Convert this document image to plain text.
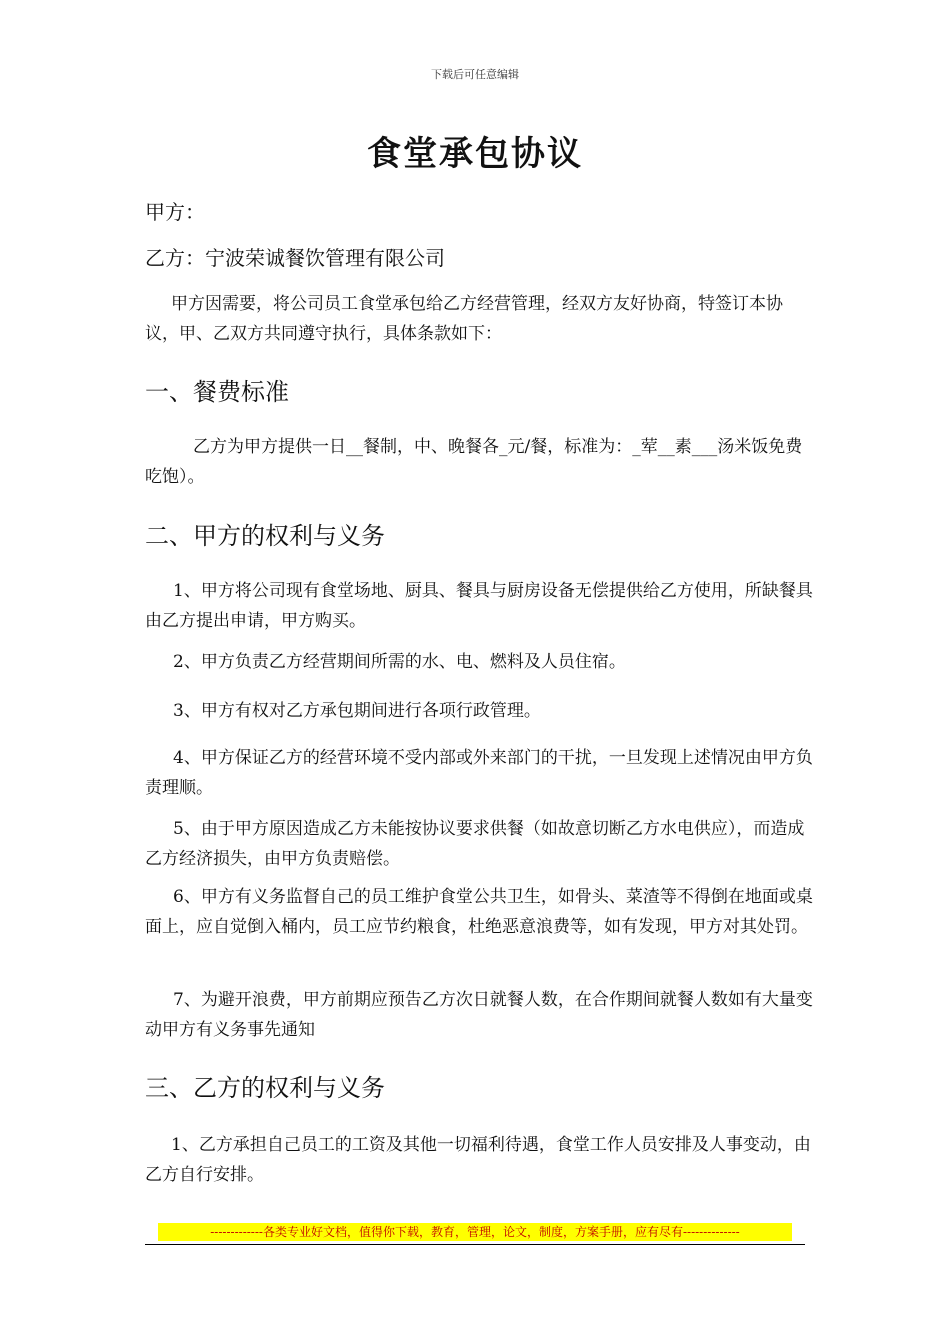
下载后可任意编辑
食堂承包协议
甲方：
乙方：宁波荣诚餐饮管理有限公司
甲方因需要，将公司员工食堂承包给乙方经营管理，经双方友好协商，特签订本协议，甲、乙双方共同遵守执行，具体条款如下：
一、餐费标准
乙方为甲方提供一日__餐制，中、晚餐各_元/餐，标准为：_荤__素___汤米饭免费吃饱）。
二、甲方的权利与义务
1、甲方将公司现有食堂场地、厨具、餐具与厨房设备无偿提供给乙方使用，所缺餐具由乙方提出申请，甲方购买。
2、甲方负责乙方经营期间所需的水、电、燃料及人员住宿。
3、甲方有权对乙方承包期间进行各项行政管理。
4、甲方保证乙方的经营环境不受内部或外来部门的干扰，一旦发现上述情况由甲方负责理顺。
5、由于甲方原因造成乙方未能按协议要求供餐（如故意切断乙方水电供应），而造成乙方经济损失，由甲方负责赔偿。
6、甲方有义务监督自己的员工维护食堂公共卫生，如骨头、菜渣等不得倒在地面或桌面上，应自觉倒入桶内，员工应节约粮食，杜绝恶意浪费等，如有发现，甲方对其处罚。
7、为避开浪费，甲方前期应预告乙方次日就餐人数，在合作期间就餐人数如有大量变动甲方有义务事先通知
三、乙方的权利与义务
1、乙方承担自己员工的工资及其他一切福利待遇，食堂工作人员安排及人事变动，由乙方自行安排。
-------------各类专业好文档，值得你下载，教育，管理，论文，制度，方案手册，应有尽有--------------
